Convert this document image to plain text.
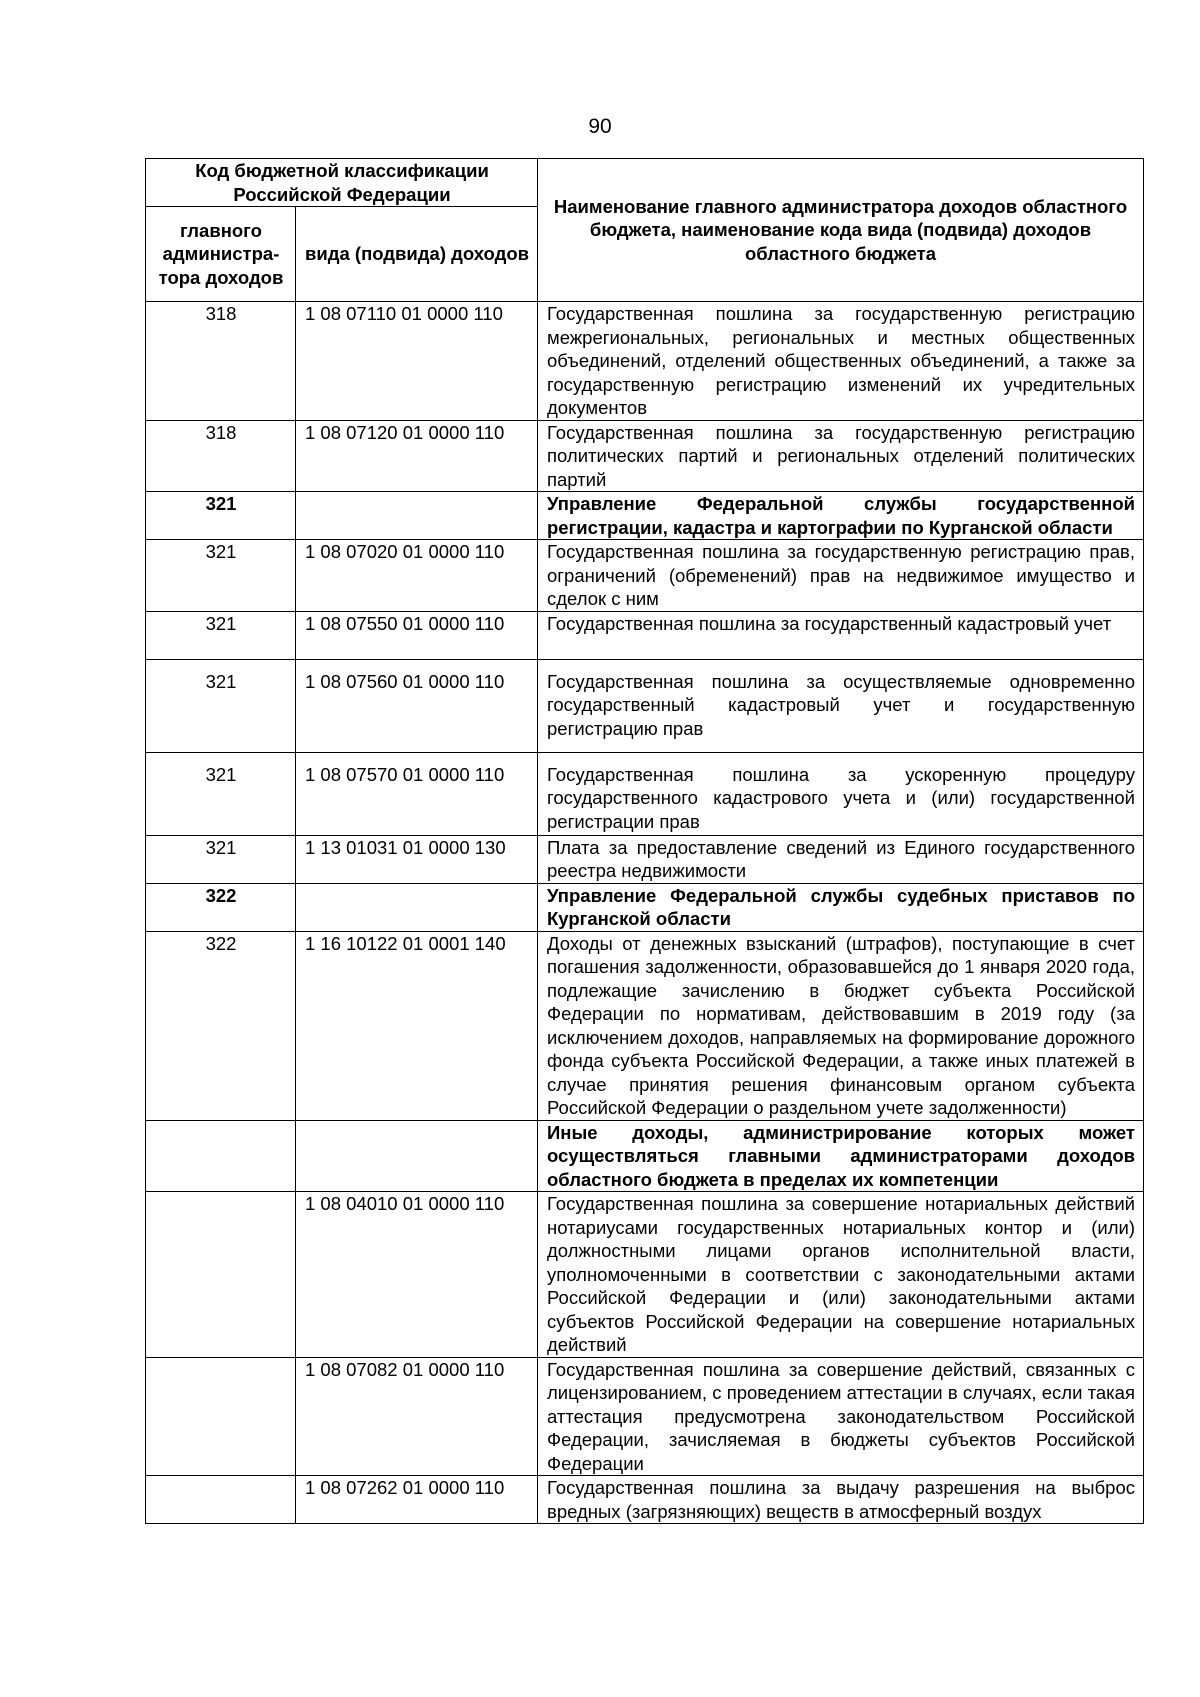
90
Код бюджетной классификации Российской Федерации		Наименование главного администратора доходов областного бюджета, наименование кода вида (подвида) доходов областного бюджета
главного администра-тора доходов	вида (подвида) доходов	
318	1 08 07110 01 0000 110	Государственная пошлина за государственную регистрацию межрегиональных, региональных и местных общественных объединений, отделений общественных объединений, а также за государственную регистрацию изменений их учредительных документов
318	1 08 07120 01 0000 110	Государственная пошлина за государственную регистрацию политических партий и региональных отделений политических партий
321		Управление Федеральной службы государственной регистрации, кадастра и картографии по Курганской области
321	1 08 07020 01 0000 110	Государственная пошлина за государственную регистрацию прав, ограничений (обременений) прав на недвижимое имущество и сделок с ним
321	1 08 07550 01 0000 110	Государственная пошлина за государственный кадастровый учет
321	1 08 07560 01 0000 110	Государственная пошлина за осуществляемые одновременно государственный кадастровый учет и государственную регистрацию прав
321	1 08 07570 01 0000 110	Государственная пошлина за ускоренную процедуру государственного кадастрового учета и (или) государственной регистрации прав
321	1 13 01031 01 0000 130	Плата за предоставление сведений из Единого государственного реестра недвижимости
322		Управление Федеральной службы судебных приставов по Курганской области
322	1 16 10122 01 0001 140	Доходы от денежных взысканий (штрафов), поступающие в счет погашения задолженности, образовавшейся до 1 января 2020 года, подлежащие зачислению в бюджет субъекта Российской Федерации по нормативам, действовавшим в 2019 году (за исключением доходов, направляемых на формирование дорожного фонда субъекта Российской Федерации, а также иных платежей в случае принятия решения финансовым органом субъекта Российской Федерации о раздельном учете задолженности)
		Иные доходы, администрирование которых может осуществляться главными администраторами доходов областного бюджета в пределах их компетенции
	1 08 04010 01 0000 110	Государственная пошлина за совершение нотариальных действий нотариусами государственных нотариальных контор и (или) должностными лицами органов исполнительной власти, уполномоченными в соответствии с законодательными актами Российской Федерации и (или) законодательными актами субъектов Российской Федерации на совершение нотариальных действий
	1 08 07082 01 0000 110	Государственная пошлина за совершение действий, связанных с лицензированием, с проведением аттестации в случаях, если такая аттестация предусмотрена законодательством Российской Федерации, зачисляемая в бюджеты субъектов Российской Федерации
	1 08 07262 01 0000 110	Государственная пошлина за выдачу разрешения на выброс вредных (загрязняющих) веществ в атмосферный воздух
